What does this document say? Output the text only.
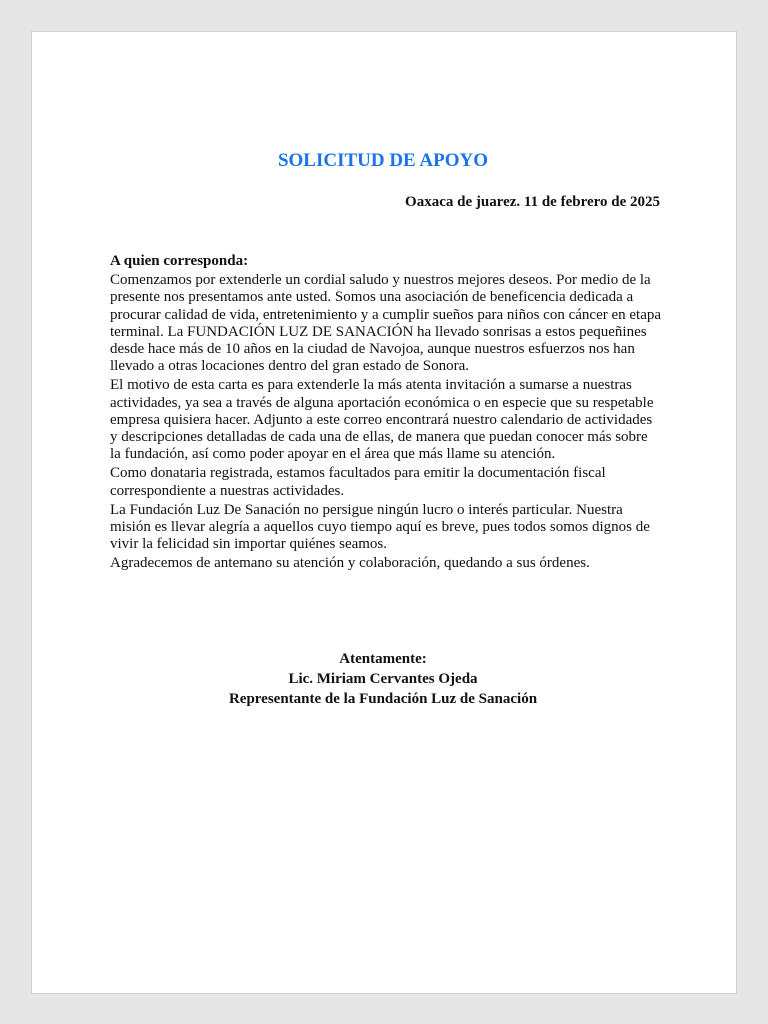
SOLICITUD DE APOYO

Oaxaca de juarez. 11 de febrero de 2025

A quien corresponda:

Comenzamos por extenderle un cordial saludo y nuestros mejores deseos. Por medio de la presente nos presentamos ante usted. Somos una asociación de beneficencia dedicada a procurar calidad de vida, entretenimiento y a cumplir sueños para niños con cáncer en etapa terminal. La FUNDACIÓN LUZ DE SANACIÓN ha llevado sonrisas a estos pequeñines desde hace más de 10 años en la ciudad de Navojoa, aunque nuestros esfuerzos nos han llevado a otras locaciones dentro del gran estado de Sonora.

El motivo de esta carta es para extenderle la más atenta invitación a sumarse a nuestras actividades, ya sea a través de alguna aportación económica o en especie que su respetable empresa quisiera hacer. Adjunto a este correo encontrará nuestro calendario de actividades y descripciones detalladas de cada una de ellas, de manera que puedan conocer más sobre la fundación, así como poder apoyar en el área que más llame su atención.

Como donataria registrada, estamos facultados para emitir la documentación fiscal correspondiente a nuestras actividades.

La Fundación Luz De Sanación no persigue ningún lucro o interés particular. Nuestra misión es llevar alegría a aquellos cuyo tiempo aquí es breve, pues todos somos dignos de vivir la felicidad sin importar quiénes seamos.

Agradecemos de antemano su atención y colaboración, quedando a sus órdenes.

Atentamente:
Lic. Miriam Cervantes Ojeda
Representante de la Fundación Luz de Sanación
